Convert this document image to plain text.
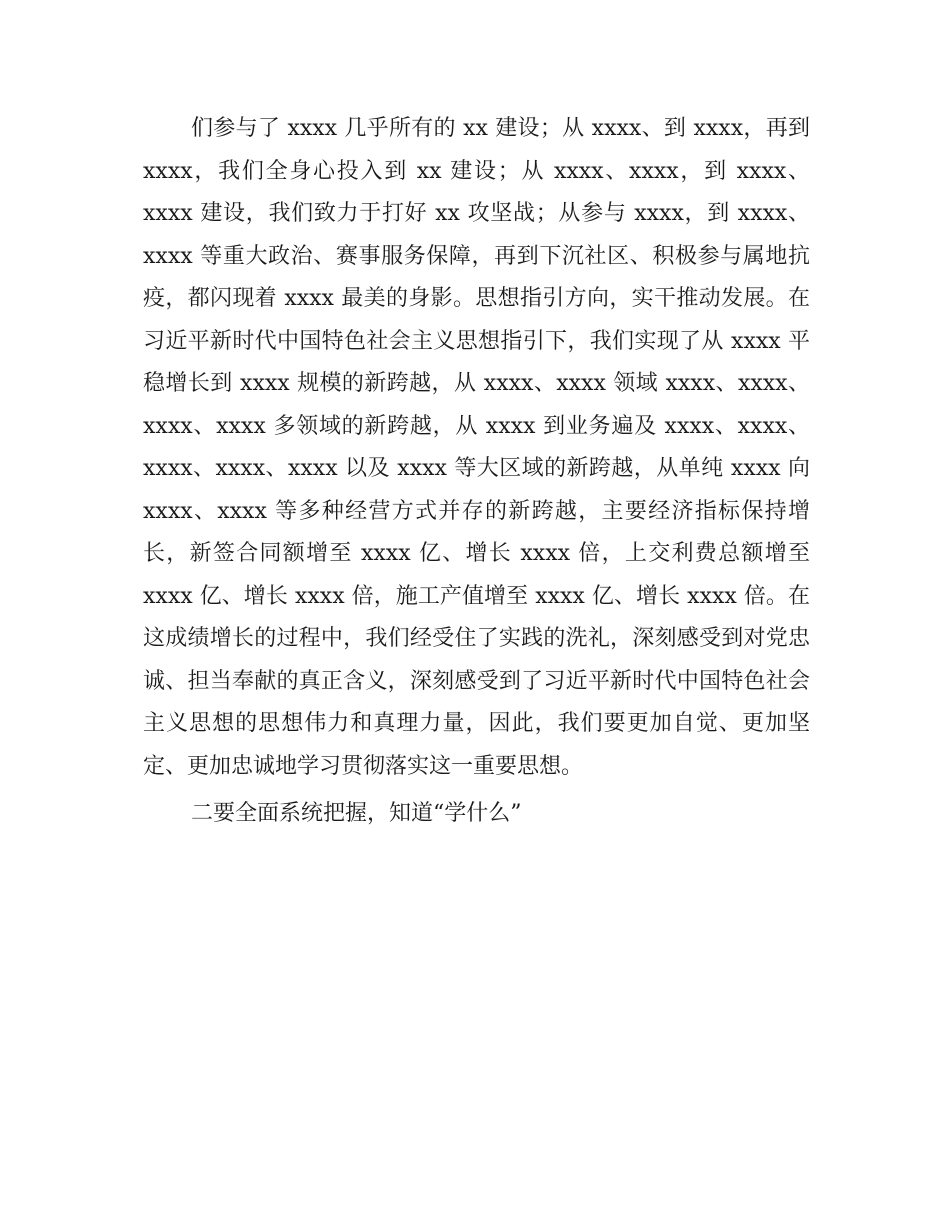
们参与了 xxxx 几乎所有的 xx 建设；从 xxxx、到 xxxx，再到 xxxx，我们全身心投入到 xx 建设；从 xxxx、xxxx，到 xxxx、xxxx 建设，我们致力于打好 xx 攻坚战；从参与 xxxx，到 xxxx、xxxx 等重大政治、赛事服务保障，再到下沉社区、积极参与属地抗疫，都闪现着 xxxx 最美的身影。思想指引方向，实干推动发展。在习近平新时代中国特色社会主义思想指引下，我们实现了从 xxxx 平稳增长到 xxxx 规模的新跨越，从 xxxx、xxxx 领域 xxxx、xxxx、xxxx、xxxx 多领域的新跨越，从 xxxx 到业务遍及 xxxx、xxxx、xxxx、xxxx、xxxx 以及 xxxx 等大区域的新跨越，从单纯 xxxx 向 xxxx、xxxx 等多种经营方式并存的新跨越，主要经济指标保持增长，新签合同额增至 xxxx 亿、增长 xxxx 倍，上交利费总额增至 xxxx 亿、增长 xxxx 倍，施工产值增至 xxxx 亿、增长 xxxx 倍。在这成绩增长的过程中，我们经受住了实践的洗礼，深刻感受到对党忠诚、担当奉献的真正含义，深刻感受到了习近平新时代中国特色社会主义思想的思想伟力和真理力量，因此，我们要更加自觉、更加坚定、更加忠诚地学习贯彻落实这一重要思想。

二要全面系统把握，知道“学什么”
